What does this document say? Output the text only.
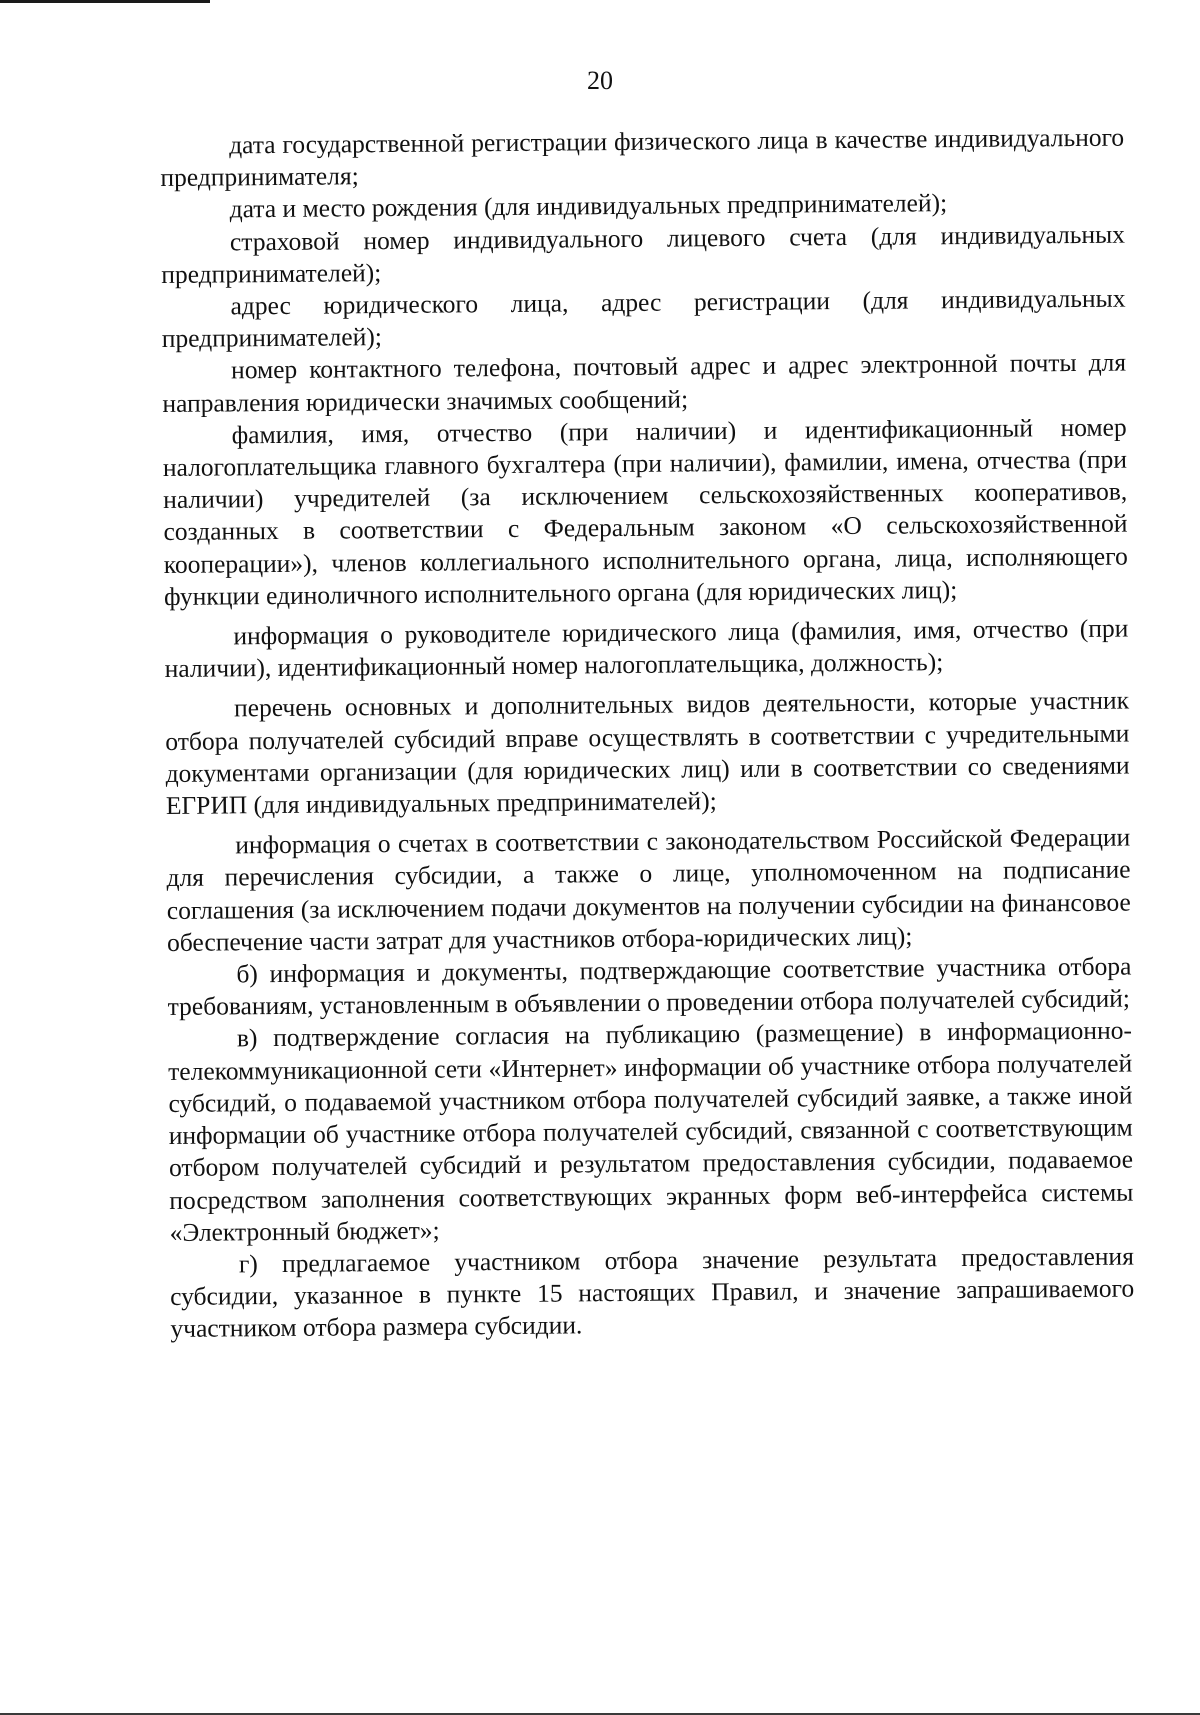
20

дата государственной регистрации физического лица в качестве индивидуального предпринимателя;

дата и место рождения (для индивидуальных предпринимателей);

страховой номер индивидуального лицевого счета (для индивидуальных предпринимателей);

адрес юридического лица, адрес регистрации (для индивидуальных предпринимателей);

номер контактного телефона, почтовый адрес и адрес электронной почты для направления юридически значимых сообщений;

фамилия, имя, отчество (при наличии) и идентификационный номер налогоплательщика главного бухгалтера (при наличии), фамилии, имена, отчества (при наличии) учредителей (за исключением сельскохозяйственных кооперативов, созданных в соответствии с Федеральным законом «О сельскохозяйственной кооперации»), членов коллегиального исполнительного органа, лица, исполняющего функции единоличного исполнительного органа (для юридических лиц);

информация о руководителе юридического лица (фамилия, имя, отчество (при наличии), идентификационный номер налогоплательщика, должность);

перечень основных и дополнительных видов деятельности, которые участник отбора получателей субсидий вправе осуществлять в соответствии с учредительными документами организации (для юридических лиц) или в соответствии со сведениями ЕГРИП (для индивидуальных предпринимателей);

информация о счетах в соответствии с законодательством Российской Федерации для перечисления субсидии, а также о лице, уполномоченном на подписание соглашения (за исключением подачи документов на получении субсидии на финансовое обеспечение части затрат для участников отбора-юридических лиц);

б) информация и документы, подтверждающие соответствие участника отбора требованиям, установленным в объявлении о проведении отбора получателей субсидий;

в) подтверждение согласия на публикацию (размещение) в информационно-телекоммуникационной сети «Интернет» информации об участнике отбора получателей субсидий, о подаваемой участником отбора получателей субсидий заявке, а также иной информации об участнике отбора получателей субсидий, связанной с соответствующим отбором получателей субсидий и результатом предоставления субсидии, подаваемое посредством заполнения соответствующих экранных форм веб-интерфейса системы «Электронный бюджет»;

г) предлагаемое участником отбора значение результата предоставления субсидии, указанное в пункте 15 настоящих Правил, и значение запрашиваемого участником отбора размера субсидии.
